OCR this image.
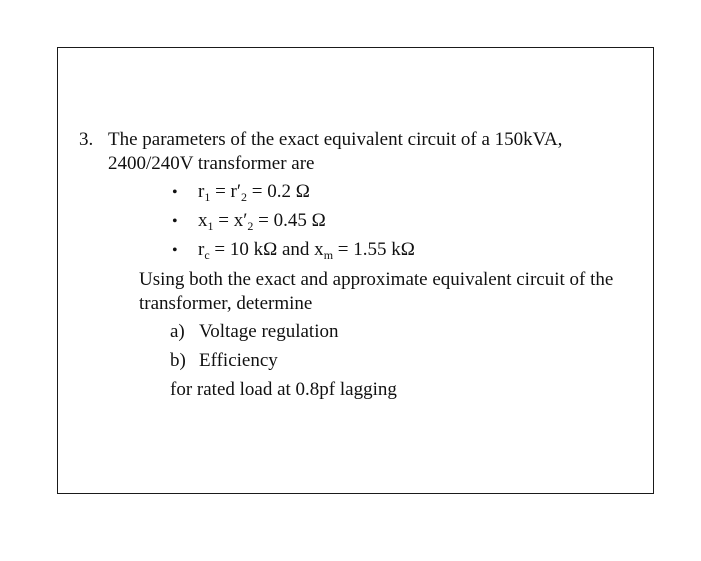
3. The parameters of the exact equivalent circuit of a 150kVA,
2400/240V transformer are
• $r_1 = r'_2 = 0.2$ Ω
• $x_1 = x'_2 = 0.45$ Ω
• $r_c = 10$ kΩ and $x_m = 1.55$ kΩ
Using both the exact and approximate equivalent circuit of the
transformer, determine
a) Voltage regulation
b) Efficiency
for rated load at 0.8pf lagging
